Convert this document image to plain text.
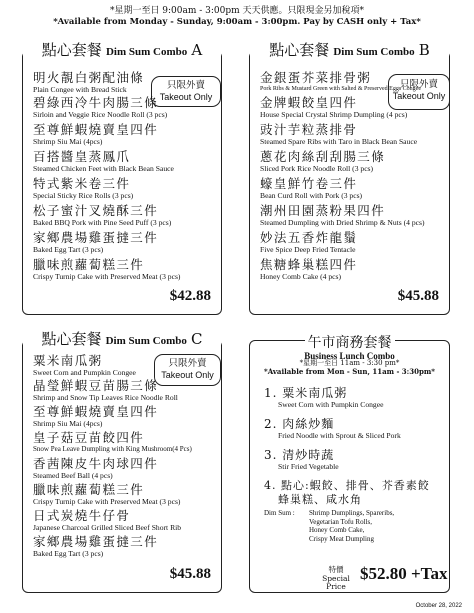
*星期一至日 9:00am - 3:00pm 天天供應。只限現金另加稅項*
*Available from Monday - Sunday, 9:00am - 3:00pm. Pay by CASH only + Tax*
點心套餐 Dim Sum Combo A
只限外賣
Takeout Only
明火靚白粥配油條
Plain Congee with Bread Stick
碧綠西冷牛肉腸三條
Sirloin and Veggie Rice Noodle Roll (3 pcs)
至尊鮮蝦燒賣皇四件
Shrimp Siu Mai (4pcs)
百搭醬皇蒸鳳爪
Steamed Chicken Feet with Black Bean Sauce
特式紫米卷三件
Special Sticky Rice Rolls (3 pcs)
松子蜜汁叉燒酥三件
Baked BBQ Pork with Pine Seed Puff (3 pcs)
家鄉農場雞蛋撻三件
Baked Egg Tart (3 pcs)
臘味煎蘿蔔糕三件
Crispy Turnip Cake with Preserved Meat (3 pcs)
$42.88
點心套餐 Dim Sum Combo B
只限外賣
Takeout Only
金銀蛋芥菜排骨粥
Pork Ribs & Mustard Green with Salted & Preserved Eggs Congee
金牌蝦餃皇四件
House Special Crystal Shrimp Dumpling (4 pcs)
豉汁芋粒蒸排骨
Steamed Spare Ribs with Taro in Black Bean Sauce
蔥花肉絲刮刮腸三條
Sliced Pork Rice Noodle Roll (3 pcs)
蠔皇鮮竹卷三件
Bean Curd Roll with Pork (3 pcs)
潮州田園蒸粉果四件
Steamed Dumpling with Dried Shrimp & Nuts (4 pcs)
妙法五香炸龍鬚
Five Spice Deep Fried Tentacle
焦糖蜂巢糕四件
Honey Comb Cake (4 pcs)
$45.88
點心套餐 Dim Sum Combo C
只限外賣
Takeout Only
粟米南瓜粥
Sweet Corn and Pumpkin Congee
晶瑩鮮蝦豆苗腸三條
Shrimp and Snow Tip Leaves Rice Noodle Roll
至尊鮮蝦燒賣皇四件
Shrimp Siu Mai (4pcs)
皇子菇豆苗餃四件
Snow Pea Leave Dumpling with King Mushroom(4 Pcs)
香茜陳皮牛肉球四件
Steamed Beef Ball (4 pcs)
臘味煎蘿蔔糕三件
Crispy Turnip Cake with Preserved Meat (3 pcs)
日式炭燒牛仔骨
Japanese Charcoal Grilled Sliced Beef Short Rib
家鄉農場雞蛋撻三件
Baked Egg Tart (3 pcs)
$45.88
午市商務套餐
Business Lunch Combo
*星期一至日 11am - 3:30 pm*
*Available from Mon - Sun, 11am - 3:30pm*
1. 粟米南瓜粥
Sweet Corn with Pumpkin Congee
2. 肉絲炒麵
Fried Noodle with Sprout & Sliced Pork
3. 清炒時蔬
Stir Fried Vegetable
4. 點心:蝦餃、排骨、芥香素餃
蜂巢糕、咸水角
Dim Sum : Shrimp Dumplings, Spareribs,
Vegetarian Tofu Rolls,
Honey Comb Cake,
Crispy Meat Dumpling
特價
Special Price
$52.80 +Tax
October 28, 2022
